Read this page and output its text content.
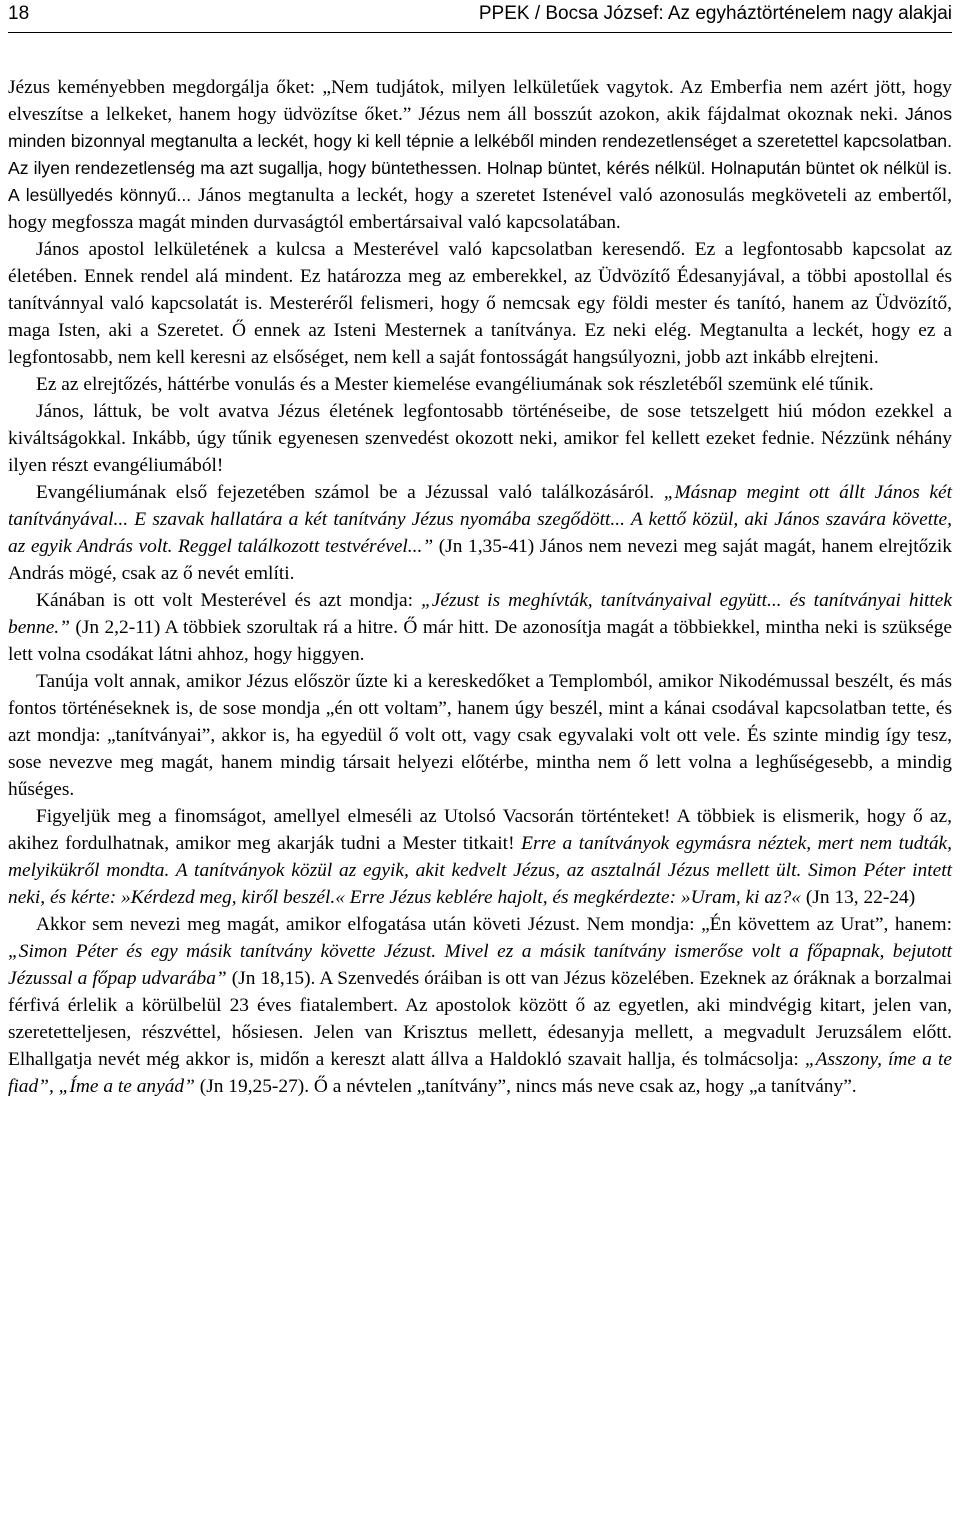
18	PPEK / Bocsa József: Az egyháztörténelem nagy alakjai

Jézus keményebben megdorgálja őket: „Nem tudjátok, milyen lelkületűek vagytok. Az Emberfia nem azért jött, hogy elveszítse a lelkeket, hanem hogy üdvözítse őket.” Jézus nem áll bosszút azokon, akik fájdalmat okoznak neki. János minden bizonnyal megtanulta a leckét, hogy ki kell tépnie a lelkéből minden rendezetlenséget a szeretettel kapcsolatban. Az ilyen rendezetlenség ma azt sugallja, hogy büntethessen. Holnap büntet, kérés nélkül. Holnapután büntet ok nélkül is. A lesüllyedés könnyű... János megtanulta a leckét, hogy a szeretet Istenével való azonosulás megköveteli az embertől, hogy megfossza magát minden durvaságtól embertársaival való kapcsolatában.

János apostol lelkületének a kulcsa a Mesterével való kapcsolatban keresendő. Ez a legfontosabb kapcsolat az életében. Ennek rendel alá mindent. Ez határozza meg az emberekkel, az Üdvözítő Édesanyjával, a többi apostollal és tanítvánnyal való kapcsolatát is. Mesteréről felismeri, hogy ő nemcsak egy földi mester és tanító, hanem az Üdvözítő, maga Isten, aki a Szeretet. Ő ennek az Isteni Mesternek a tanítványa. Ez neki elég. Megtanulta a leckét, hogy ez a legfontosabb, nem kell keresni az elsőséget, nem kell a saját fontosságát hangsúlyozni, jobb azt inkább elrejteni.

Ez az elrejtőzés, háttérbe vonulás és a Mester kiemelése evangéliumának sok részletéből szemünk elé tűnik.

János, láttuk, be volt avatva Jézus életének legfontosabb történéseibe, de sose tetszelgett hiú módon ezekkel a kiváltságokkal. Inkább, úgy tűnik egyenesen szenvedést okozott neki, amikor fel kellett ezeket fednie. Nézzünk néhány ilyen részt evangéliumából!

Evangéliumának első fejezetében számol be a Jézussal való találkozásáról. „Másnap megint ott állt János két tanítványával... E szavak hallatára a két tanítvány Jézus nyomába szegődött... A kettő közül, aki János szavára követte, az egyik András volt. Reggel találkozott testvérével...” (Jn 1,35-41) János nem nevezi meg saját magát, hanem elrejtőzik András mögé, csak az ő nevét említi.

Kánában is ott volt Mesterével és azt mondja: „Jézust is meghívták, tanítványaival együtt... és tanítványai hittek benne.” (Jn 2,2-11) A többiek szorultak rá a hitre. Ő már hitt. De azonosítja magát a többiekkel, mintha neki is szüksége lett volna csodákat látni ahhoz, hogy higgyen.

Tanúja volt annak, amikor Jézus először űzte ki a kereskedőket a Templomból, amikor Nikodémussal beszélt, és más fontos történéseknek is, de sose mondja „én ott voltam”, hanem úgy beszél, mint a kánai csodával kapcsolatban tette, és azt mondja: „tanítványai”, akkor is, ha egyedül ő volt ott, vagy csak egyvalaki volt ott vele. És szinte mindig így tesz, sose nevezve meg magát, hanem mindig társait helyezi előtérbe, mintha nem ő lett volna a leghűségesebb, a mindig hűséges.

Figyeljük meg a finomságot, amellyel elmeséli az Utolsó Vacsorán történteket! A többiek is elismerik, hogy ő az, akihez fordulhatnak, amikor meg akarják tudni a Mester titkait! Erre a tanítványok egymásra néztek, mert nem tudták, melyikükről mondta. A tanítványok közül az egyik, akit kedvelt Jézus, az asztalnál Jézus mellett ült. Simon Péter intett neki, és kérte: »Kérdezd meg, kiről beszél.« Erre Jézus keblére hajolt, és megkérdezte: »Uram, ki az?« (Jn 13, 22-24)

Akkor sem nevezi meg magát, amikor elfogatása után követi Jézust. Nem mondja: „Én követtem az Urat”, hanem: „Simon Péter és egy másik tanítvány követte Jézust. Mivel ez a másik tanítvány ismerőse volt a főpapnak, bejutott Jézussal a főpap udvarába” (Jn 18,15). A Szenvedés óráiban is ott van Jézus közelében. Ezeknek az óráknak a borzalmai férfivá érlelik a körülbelül 23 éves fiatalembert. Az apostolok között ő az egyetlen, aki mindvégig kitart, jelen van, szeretetteljesen, részvéttel, hősiesen. Jelen van Krisztus mellett, édesanyja mellett, a megvadult Jeruzsálem előtt. Elhallgatja nevét még akkor is, midőn a kereszt alatt állva a Haldokló szavait hallja, és tolmácsolja: „Asszony, íme a te fiad”, „Íme a te anyád” (Jn 19,25-27). Ő a névtelen „tanítvány”, nincs más neve csak az, hogy „a tanítvány”.
